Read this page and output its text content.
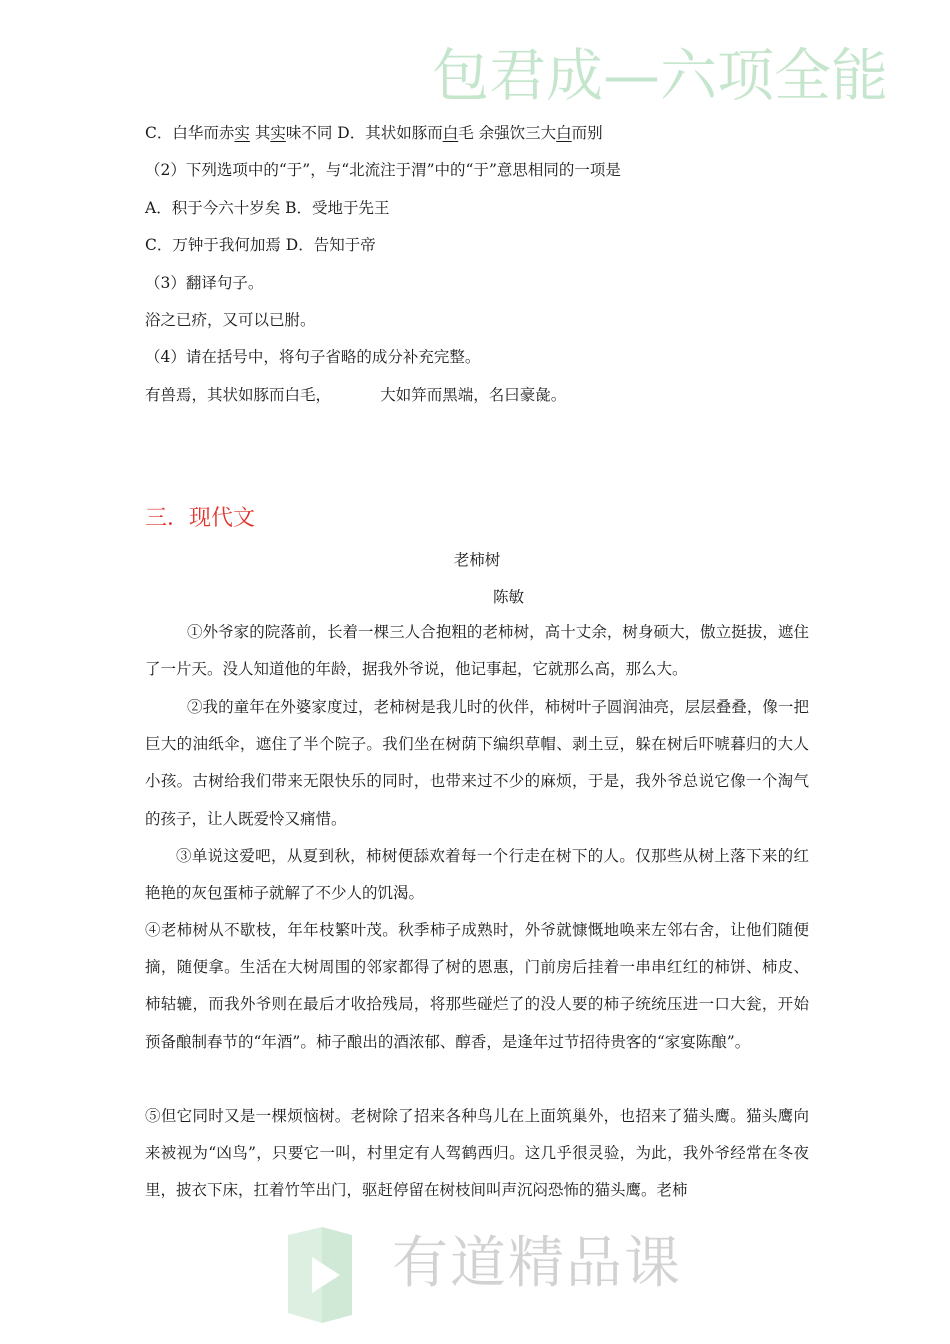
包君成—六项全能
C．白华而赤实 其实味不同 D．其状如豚而白毛 余强饮三大白而别
（2）下列选项中的“于”，与“北流注于渭”中的“于”意思相同的一项是
A．积于今六十岁矣 B．受地于先王
C．万钟于我何加焉 D．告知于帝
（3）翻译句子。
浴之已疥，又可以已胕。
（4）请在括号中，将句子省略的成分补充完整。
有兽焉，其状如豚而白毛，          大如笄而黑端，名曰豪彘。
三．现代文
老柿树
陈敏

①外爷家的院落前，长着一棵三人合抱粗的老柿树，高十丈余，树身硕大，傲立挺拔，遮住了一片天。没人知道他的年龄，据我外爷说，他记事起，它就那么高，那么大。

②我的童年在外婆家度过，老柿树是我儿时的伙伴，柿树叶子圆润油亮，层层叠叠，像一把巨大的油纸伞，遮住了半个院子。我们坐在树荫下编织草帽、剥土豆，躲在树后吓唬暮归的大人小孩。古树给我们带来无限快乐的同时，也带来过不少的麻烦，于是，我外爷总说它像一个淘气的孩子，让人既爱怜又痛惜。

③单说这爱吧，从夏到秋，柿树便舔欢着每一个行走在树下的人。仅那些从树上落下来的红艳艳的灰包蛋柿子就解了不少人的饥渴。

④老柿树从不歇枝，年年枝繁叶茂。秋季柿子成熟时，外爷就慷慨地唤来左邻右舍，让他们随便摘，随便拿。生活在大树周围的邻家都得了树的恩惠，门前房后挂着一串串红红的柿饼、柿皮、柿轱辘，而我外爷则在最后才收拾残局，将那些碰烂了的没人要的柿子统统压进一口大瓮，开始预备酿制春节的“年酒”。柿子酿出的酒浓郁、醇香，是逢年过节招待贵客的“家宴陈酿”。

⑤但它同时又是一棵烦恼树。老树除了招来各种鸟儿在上面筑巢外，也招来了猫头鹰。猫头鹰向来被视为“凶鸟”，只要它一叫，村里定有人驾鹤西归。这几乎很灵验，为此，我外爷经常在冬夜里，披衣下床，扛着竹竿出门，驱赶停留在树枝间叫声沉闷恐怖的猫头鹰。老柿

有道精品课
